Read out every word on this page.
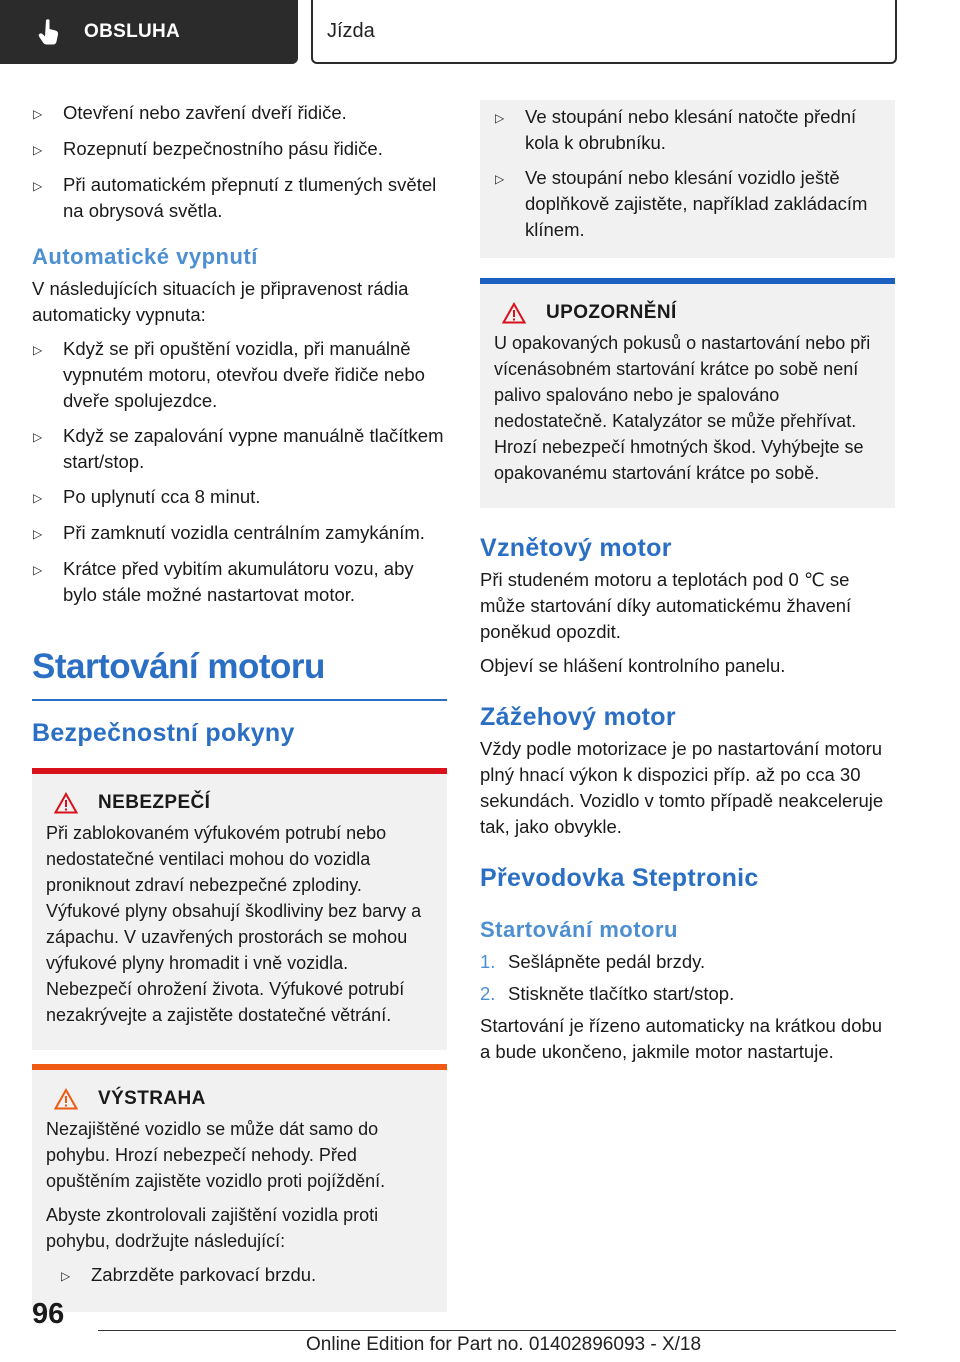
OBSLUHA	Jízda
▷	Otevření nebo zavření dveří řidiče.
▷	Rozepnutí bezpečnostního pásu řidiče.
▷	Při automatickém přepnutí z tlumených světel na obrysová světla.
Automatické vypnutí
V následujících situacích je připravenost rádia automaticky vypnuta:
▷	Když se při opuštění vozidla, při manuálně vypnutém motoru, otevřou dveře řidiče nebo dveře spolujezdce.
▷	Když se zapalování vypne manuálně tlačítkem start/stop.
▷	Po uplynutí cca 8 minut.
▷	Při zamknutí vozidla centrálním zamykáním.
▷	Krátce před vybitím akumulátoru vozu, aby bylo stále možné nastartovat motor.
Startování motoru
Bezpečnostní pokyny
NEBEZPEČÍ
Při zablokovaném výfukovém potrubí nebo nedostatečné ventilaci mohou do vozidla proniknout zdraví nebezpečné zplodiny. Výfukové plyny obsahují škodliviny bez barvy a zápachu. V uzavřených prostorách se mohou výfukové plyny hromadit i vně vozidla. Nebezpečí ohrožení života. Výfukové potrubí nezakrývejte a zajistěte dostatečné větrání.
VÝSTRAHA
Nezajištěné vozidlo se může dát samo do pohybu. Hrozí nebezpečí nehody. Před opuštěním zajistěte vozidlo proti pojíždění.
Abyste zkontrolovali zajištění vozidla proti pohybu, dodržujte následující:
▷	Zabrzděte parkovací brzdu.
▷	Ve stoupání nebo klesání natočte přední kola k obrubníku.
▷	Ve stoupání nebo klesání vozidlo ještě doplňkově zajistěte, například zakládacím klínem.
UPOZORNĚNÍ
U opakovaných pokusů o nastartování nebo při vícenásobném startování krátce po sobě není palivo spalováno nebo je spalováno nedostatečně. Katalyzátor se může přehřívat. Hrozí nebezpečí hmotných škod. Vyhýbejte se opakovanému startování krátce po sobě.
Vznětový motor
Při studeném motoru a teplotách pod 0 ℃ se může startování díky automatickému žhavení poněkud opozdit.
Objeví se hlášení kontrolního panelu.
Zážehový motor
Vždy podle motorizace je po nastartování motoru plný hnací výkon k dispozici příp. až po cca 30 sekundách. Vozidlo v tomto případě neakceleruje tak, jako obvykle.
Převodovka Steptronic
Startování motoru
1. Sešlápněte pedál brzdy.
2. Stiskněte tlačítko start/stop.
Startování je řízeno automaticky na krátkou dobu a bude ukončeno, jakmile motor nastartuje.
96
Online Edition for Part no. 01402896093 - X/18
